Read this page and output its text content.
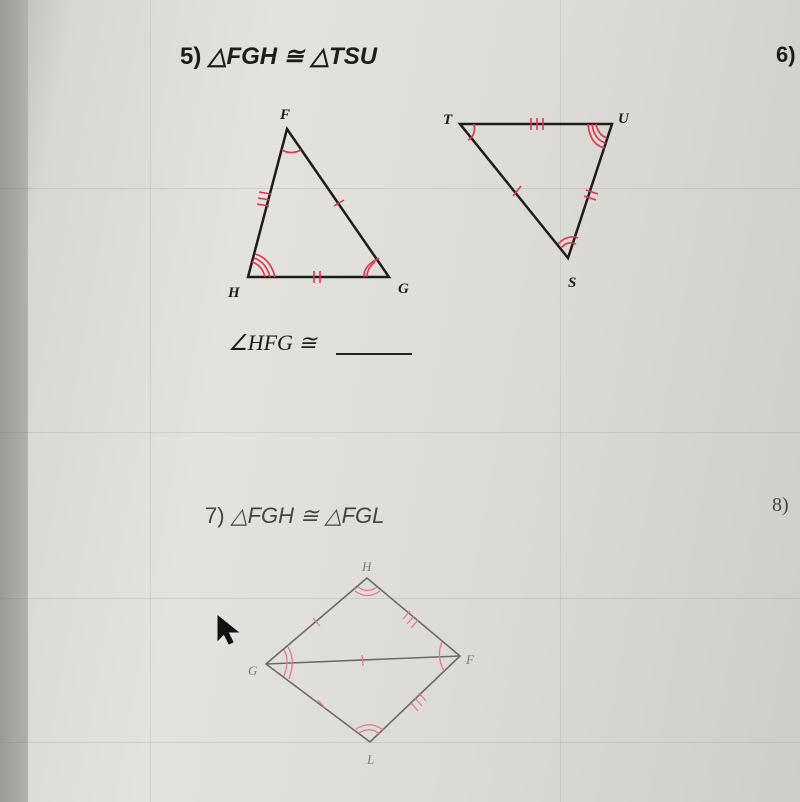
5) △FGH ≅ △TSU	6)
F
H	G
T	U
S
∠HFG ≅
7) △FGH ≅ △FGL	8)
H
G
F
L
